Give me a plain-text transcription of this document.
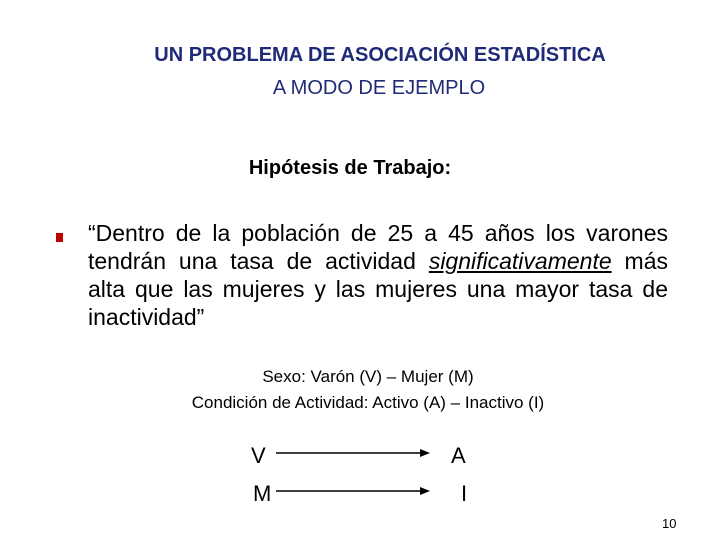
UN PROBLEMA DE ASOCIACIÓN ESTADÍSTICA
A MODO DE EJEMPLO
Hipótesis de Trabajo:
“Dentro de la población de 25 a 45 años los varones tendrán una tasa de actividad significativamente más alta que las mujeres y las mujeres una mayor tasa de inactividad”
Sexo: Varón (V) – Mujer (M)
Condición de Actividad: Activo (A) – Inactivo (I)
V	A
M	I
10
